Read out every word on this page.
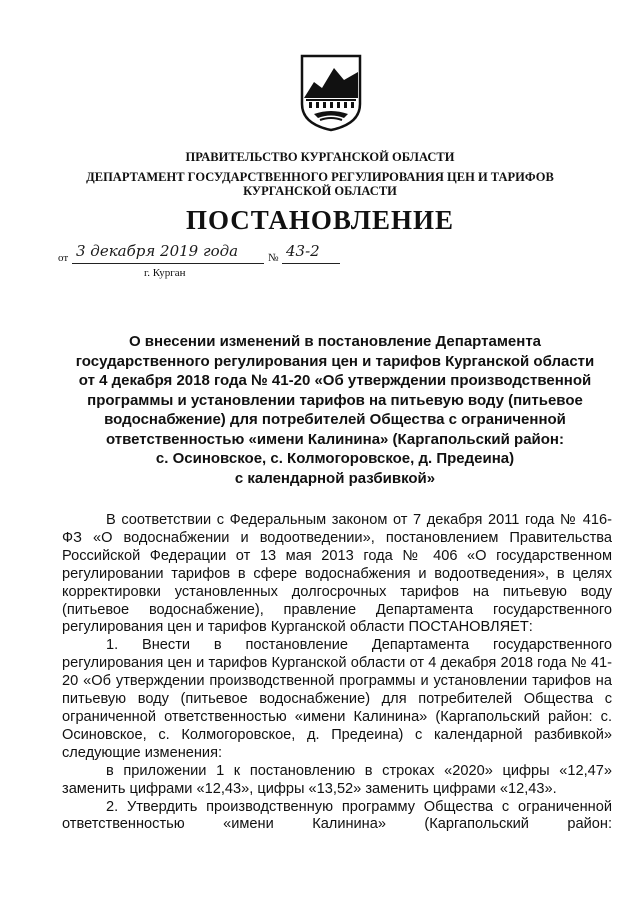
ПРАВИТЕЛЬСТВО КУРГАНСКОЙ ОБЛАСТИ
ДЕПАРТАМЕНТ ГОСУДАРСТВЕННОГО РЕГУЛИРОВАНИЯ ЦЕН И ТАРИФОВ
КУРГАНСКОЙ ОБЛАСТИ
ПОСТАНОВЛЕНИЕ
от 3 декабря 2019 года	№ 43-2
г. Курган
О внесении изменений в постановление Департамента
государственного регулирования цен и тарифов Курганской области
от 4 декабря 2018 года № 41-20 «Об утверждении производственной
программы и установлении тарифов на питьевую воду (питьевое
водоснабжение) для потребителей Общества с ограниченной
ответственностью «имени Калинина» (Каргапольский район:
с. Осиновское, с. Колмогоровское, д. Предеина)
с календарной разбивкой»

В соответствии с Федеральным законом от 7 декабря 2011 года № 416-ФЗ «О водоснабжении и водоотведении», постановлением Правительства Российской Федерации от 13 мая 2013 года № 406 «О государственном регулировании тарифов в сфере водоснабжения и водоотведения», в целях корректировки установленных долгосрочных тарифов на питьевую воду (питьевое водоснабжение), правление Департамента государственного регулирования цен и тарифов Курганской области ПОСТАНОВЛЯЕТ:

1. Внести в постановление Департамента государственного регулирования цен и тарифов Курганской области от 4 декабря 2018 года № 41-20 «Об утверждении производственной программы и установлении тарифов на питьевую воду (питьевое водоснабжение) для потребителей Общества с ограниченной ответственностью «имени Калинина» (Каргапольский район: с. Осиновское, с. Колмогоровское, д. Предеина) с календарной разбивкой» следующие изменения:

в приложении 1 к постановлению в строках «2020» цифры «12,47» заменить цифрами «12,43», цифры «13,52» заменить цифрами «12,43».

2. Утвердить производственную программу Общества с ограниченной ответственностью «имени Калинина» (Каргапольский район:
